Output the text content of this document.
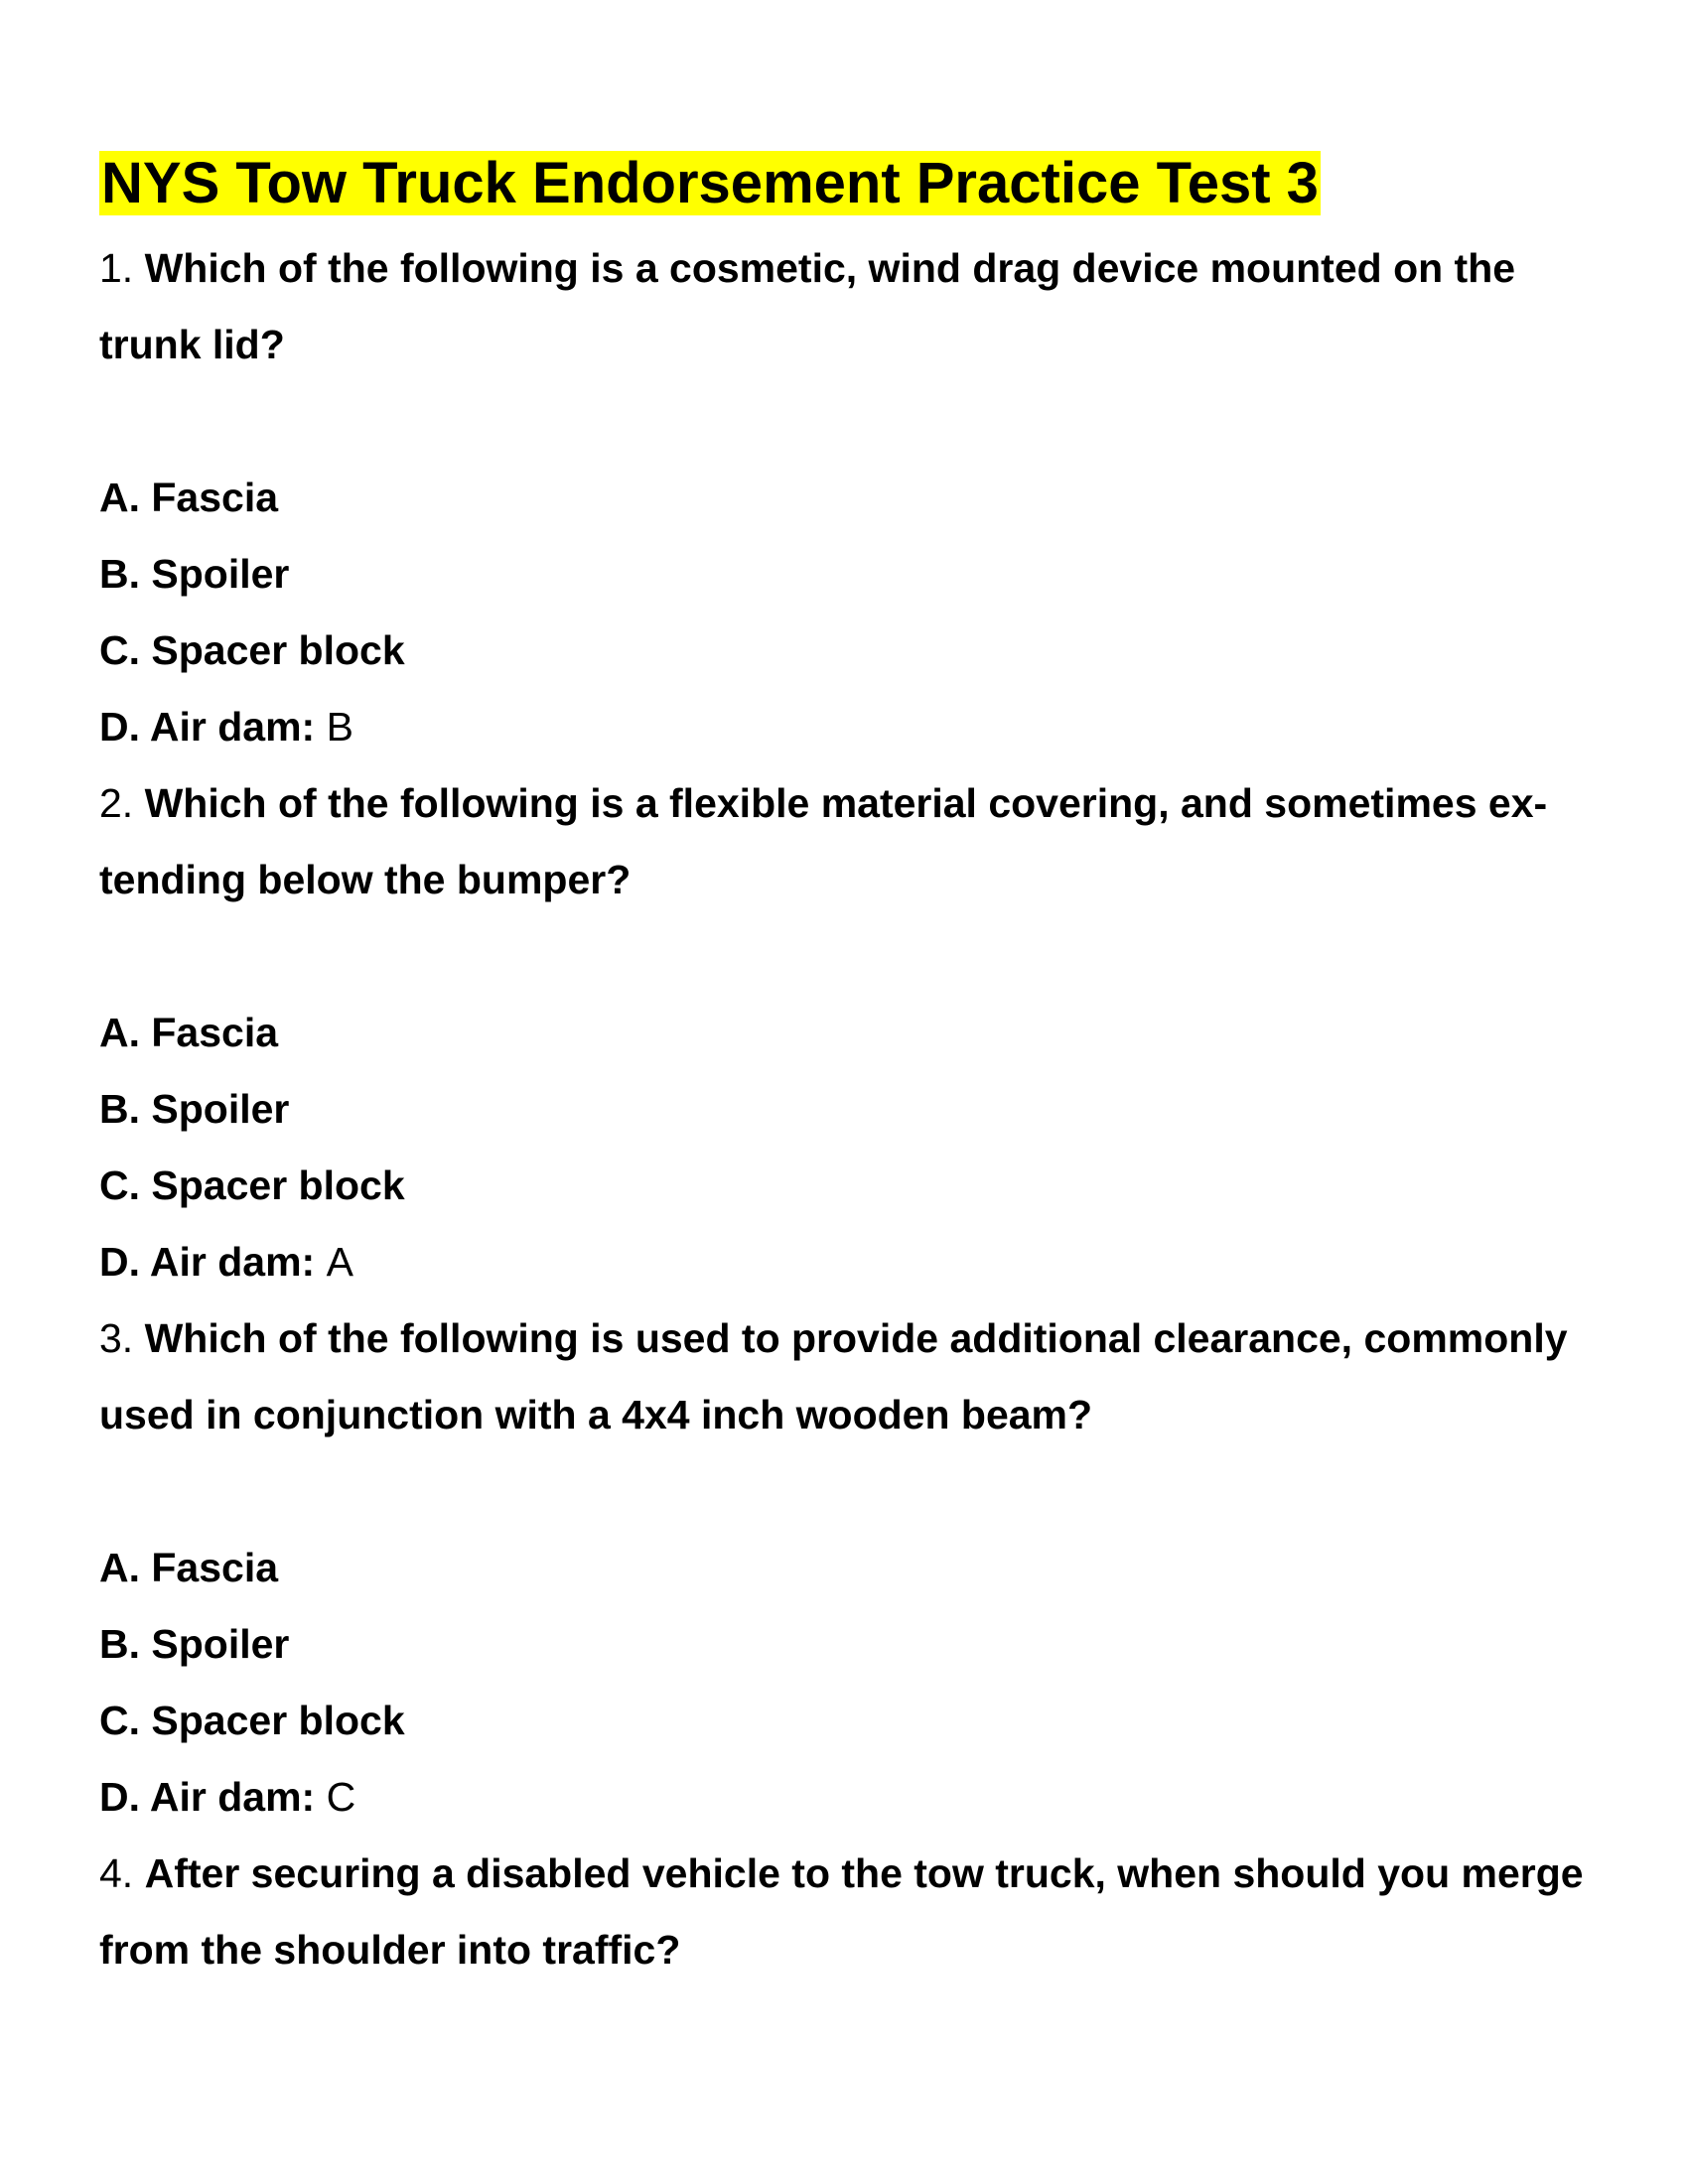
NYS Tow Truck Endorsement Practice Test 3

1. Which of the following is a cosmetic, wind drag device mounted on the trunk lid?

A. Fascia

B. Spoiler

C. Spacer block

D. Air dam: B

2. Which of the following is a flexible material covering, and sometimes ex- tending below the bumper?

A. Fascia

B. Spoiler

C. Spacer block

D. Air dam: A

3. Which of the following is used to provide additional clearance, commonly used in conjunction with a 4x4 inch wooden beam?

A. Fascia

B. Spoiler

C. Spacer block

D. Air dam: C

4. After securing a disabled vehicle to the tow truck, when should you merge from the shoulder into traffic?
